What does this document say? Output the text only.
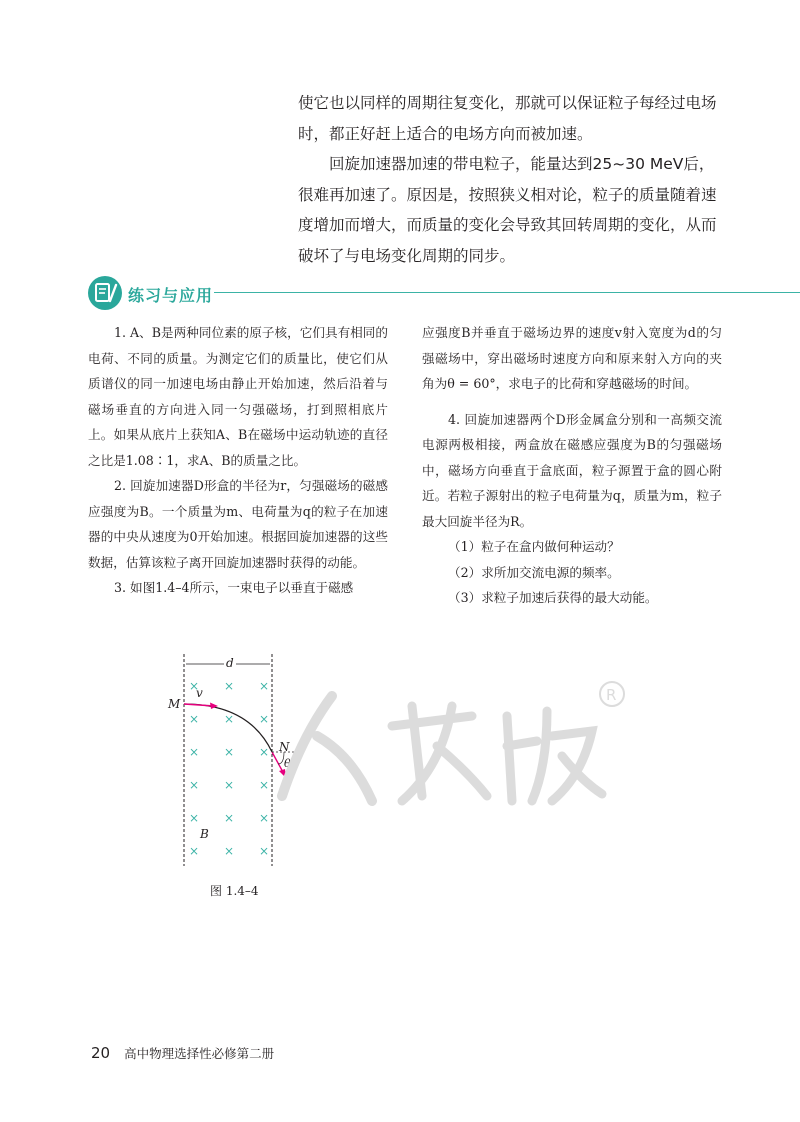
使它也以同样的周期往复变化，那就可以保证粒子每经过电场时，都正好赶上适合的电场方向而被加速。

回旋加速器加速的带电粒子，能量达到25~30 MeV后，很难再加速了。原因是，按照狭义相对论，粒子的质量随着速度增加而增大，而质量的变化会导致其回转周期的变化，从而破坏了与电场变化周期的同步。

练习与应用

1. A、B是两种同位素的原子核，它们具有相同的电荷、不同的质量。为测定它们的质量比，使它们从质谱仪的同一加速电场由静止开始加速，然后沿着与磁场垂直的方向进入同一匀强磁场，打到照相底片上。如果从底片上获知A、B在磁场中运动轨迹的直径之比是1.08∶1，求A、B的质量之比。

2. 回旋加速器D形盒的半径为r，匀强磁场的磁感应强度为B。一个质量为m、电荷量为q的粒子在加速器的中央从速度为0开始加速。根据回旋加速器的这些数据，估算该粒子离开回旋加速器时获得的动能。

3. 如图1.4–4所示，一束电子以垂直于磁感

应强度B并垂直于磁场边界的速度v射入宽度为d的匀强磁场中，穿出磁场时速度方向和原来射入方向的夹角为θ = 60°，求电子的比荷和穿越磁场的时间。

4. 回旋加速器两个D形金属盒分别和一高频交流电源两极相接，两盒放在磁感应强度为B的匀强磁场中，磁场方向垂直于盒底面，粒子源置于盒的圆心附近。若粒子源射出的粒子电荷量为q，质量为m，粒子最大回旋半径为R。

（1）粒子在盒内做何种运动？

（2）求所加交流电源的频率。

（3）求粒子加速后获得的最大动能。

d
× × ×
× × ×
× × ×
× × ×
× × ×
× × ×
M
v
N
θ
B
图 1.4–4
R
20 高中物理选择性必修第二册
